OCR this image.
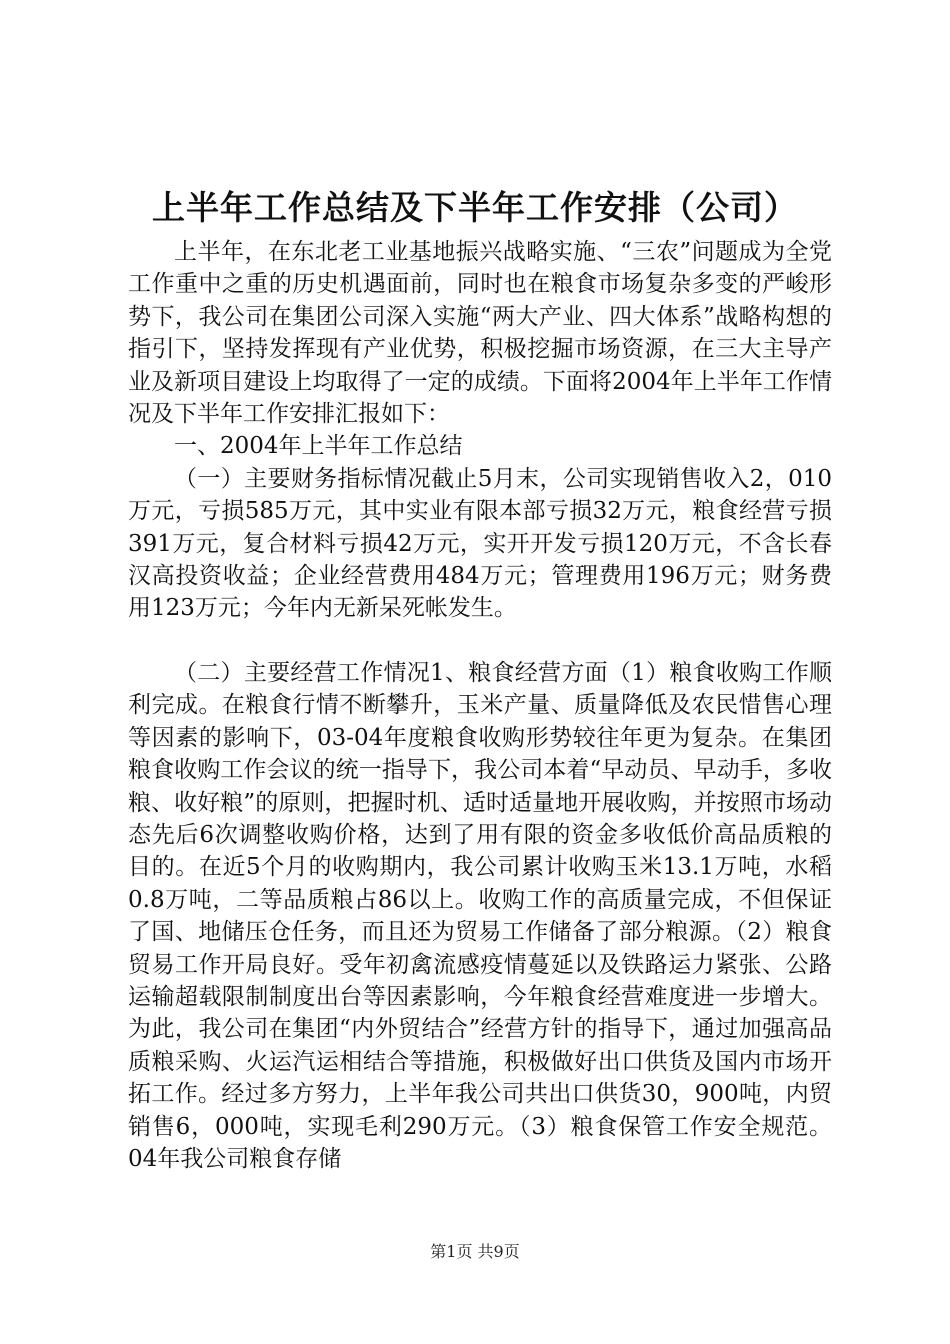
上半年工作总结及下半年工作安排（公司）

上半年，在东北老工业基地振兴战略实施、“三农”问题成为全党工作重中之重的历史机遇面前，同时也在粮食市场复杂多变的严峻形势下，我公司在集团公司深入实施“两大产业、四大体系”战略构想的指引下，坚持发挥现有产业优势，积极挖掘市场资源，在三大主导产业及新项目建设上均取得了一定的成绩。下面将2004年上半年工作情况及下半年工作安排汇报如下：

一、2004年上半年工作总结

（一）主要财务指标情况截止5月末，公司实现销售收入2，010万元，亏损585万元，其中实业有限本部亏损32万元，粮食经营亏损391万元，复合材料亏损42万元，实开开发亏损120万元，不含长春汉高投资收益；企业经营费用484万元；管理费用196万元；财务费用123万元；今年内无新呆死帐发生。

（二）主要经营工作情况1、粮食经营方面（1）粮食收购工作顺利完成。在粮食行情不断攀升，玉米产量、质量降低及农民惜售心理等因素的影响下，03-04年度粮食收购形势较往年更为复杂。在集团粮食收购工作会议的统一指导下，我公司本着“早动员、早动手，多收粮、收好粮”的原则，把握时机、适时适量地开展收购，并按照市场动态先后6次调整收购价格，达到了用有限的资金多收低价高品质粮的目的。在近5个月的收购期内，我公司累计收购玉米13.1万吨，水稻0.8万吨，二等品质粮占86以上。收购工作的高质量完成，不但保证了国、地储压仓任务，而且还为贸易工作储备了部分粮源。（2）粮食贸易工作开局良好。受年初禽流感疫情蔓延以及铁路运力紧张、公路运输超载限制制度出台等因素影响，今年粮食经营难度进一步增大。为此，我公司在集团“内外贸结合”经营方针的指导下，通过加强高品质粮采购、火运汽运相结合等措施，积极做好出口供货及国内市场开拓工作。经过多方努力，上半年我公司共出口供货30，900吨，内贸销售6，000吨，实现毛利290万元。（3）粮食保管工作安全规范。04年我公司粮食存储

第1页 共9页
